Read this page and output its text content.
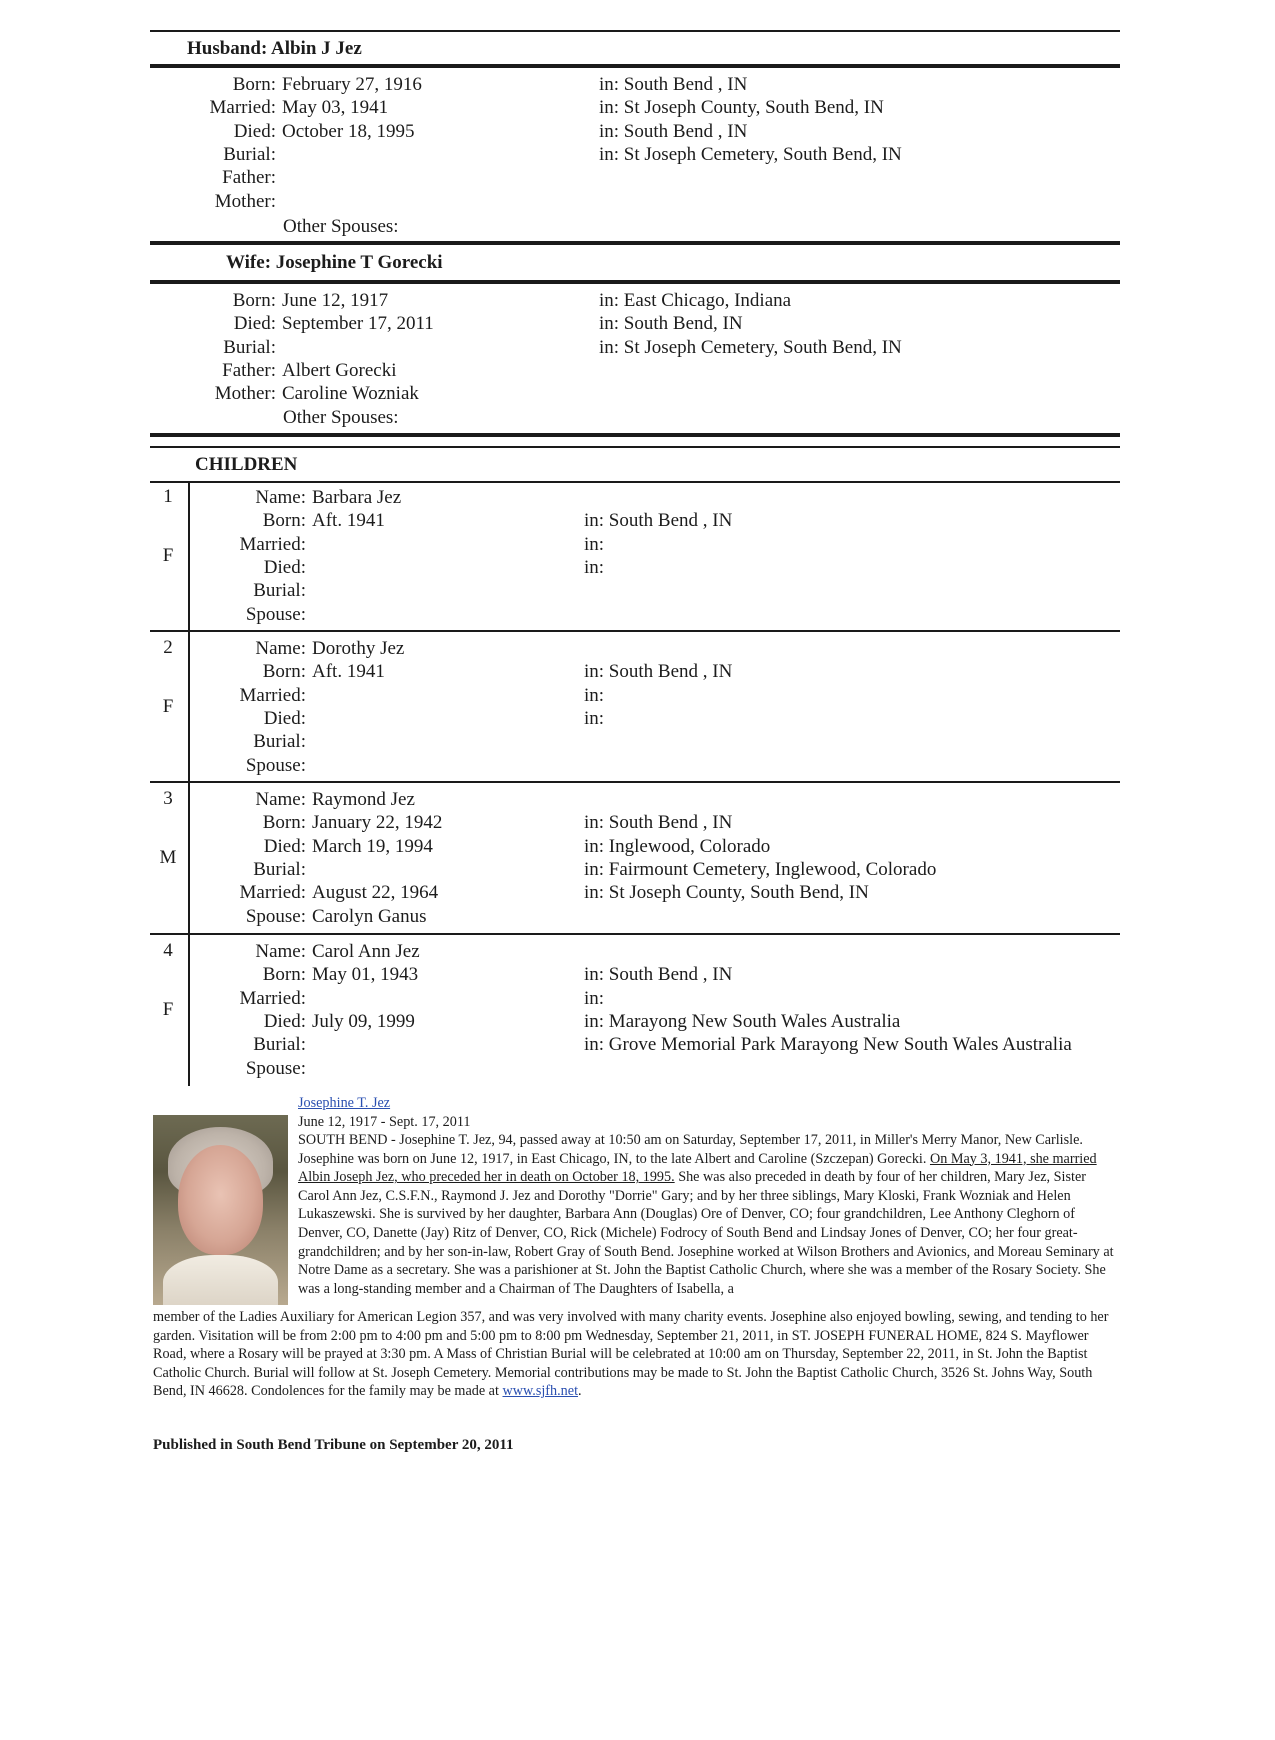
Husband: Albin J Jez
Born: February 27, 1916	in: South Bend , IN
Married: May 03, 1941	in: St Joseph County, South Bend, IN
Died: October 18, 1995	in: South Bend , IN
Burial:	in: St Joseph Cemetery, South Bend, IN
Father:
Mother:
Other Spouses:
Wife: Josephine T Gorecki
Born: June 12, 1917	in: East Chicago, Indiana
Died: September 17, 2011	in: South Bend, IN
Burial:	in: St Joseph Cemetery, South Bend, IN
Father: Albert Gorecki
Mother: Caroline Wozniak
Other Spouses:
CHILDREN
1
F
Name: Barbara Jez
Born: Aft. 1941	in: South Bend , IN
Married:	in:
Died:	in:
Burial:
Spouse:
2
F
Name: Dorothy Jez
Born: Aft. 1941	in: South Bend , IN
Married:	in:
Died:	in:
Burial:
Spouse:
3
M
Name: Raymond Jez
Born: January 22, 1942	in: South Bend , IN
Died: March 19, 1994	in: Inglewood, Colorado
Burial:	in: Fairmount Cemetery, Inglewood, Colorado
Married: August 22, 1964	in: St Joseph County, South Bend, IN
Spouse: Carolyn Ganus
4
F
Name: Carol Ann Jez
Born: May 01, 1943	in: South Bend , IN
Married:	in:
Died: July 09, 1999	in: Marayong New South Wales Australia
Burial:	in: Grove Memorial Park Marayong New South Wales Australia
Spouse:
Josephine T. Jez
June 12, 1917 - Sept. 17, 2011
SOUTH BEND - Josephine T. Jez, 94, passed away at 10:50 am on Saturday, September 17, 2011, in Miller's Merry Manor, New Carlisle. Josephine was born on June 12, 1917, in East Chicago, IN, to the late Albert and Caroline (Szczepan) Gorecki. On May 3, 1941, she married Albin Joseph Jez, who preceded her in death on October 18, 1995. She was also preceded in death by four of her children, Mary Jez, Sister Carol Ann Jez, C.S.F.N., Raymond J. Jez and Dorothy "Dorrie" Gary; and by her three siblings, Mary Kloski, Frank Wozniak and Helen Lukaszewski. She is survived by her daughter, Barbara Ann (Douglas) Ore of Denver, CO; four grandchildren, Lee Anthony Cleghorn of Denver, CO, Danette (Jay) Ritz of Denver, CO, Rick (Michele) Fodrocy of South Bend and Lindsay Jones of Denver, CO; her four great-grandchildren; and by her son-in-law, Robert Gray of South Bend. Josephine worked at Wilson Brothers and Avionics, and Moreau Seminary at Notre Dame as a secretary. She was a parishioner at St. John the Baptist Catholic Church, where she was a member of the Rosary Society. She was a long-standing member and a Chairman of The Daughters of Isabella, a
member of the Ladies Auxiliary for American Legion 357, and was very involved with many charity events. Josephine also enjoyed bowling, sewing, and tending to her garden. Visitation will be from 2:00 pm to 4:00 pm and 5:00 pm to 8:00 pm Wednesday, September 21, 2011, in ST. JOSEPH FUNERAL HOME, 824 S. Mayflower Road, where a Rosary will be prayed at 3:30 pm. A Mass of Christian Burial will be celebrated at 10:00 am on Thursday, September 22, 2011, in St. John the Baptist Catholic Church. Burial will follow at St. Joseph Cemetery. Memorial contributions may be made to St. John the Baptist Catholic Church, 3526 St. Johns Way, South Bend, IN 46628. Condolences for the family may be made at www.sjfh.net.
Published in South Bend Tribune on September 20, 2011
